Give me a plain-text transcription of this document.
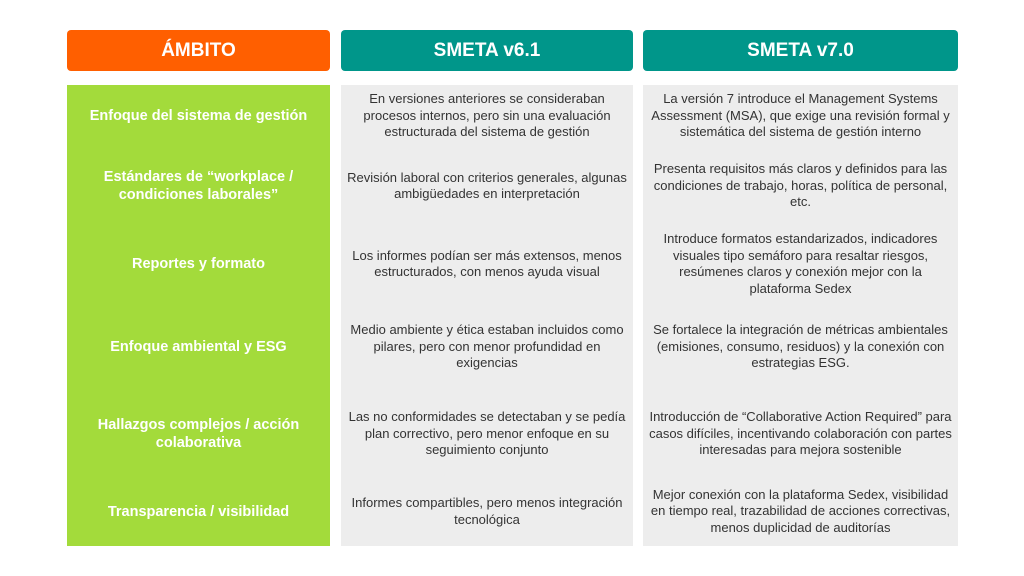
ÁMBITO	SMETA v6.1	SMETA v7.0
Enfoque del sistema de gestión
Estándares de “workplace / condiciones laborales”
Reportes y formato
Enfoque ambiental y ESG
Hallazgos complejos / acción colaborativa
Transparencia / visibilidad
En versiones anteriores se consideraban procesos internos, pero sin una evaluación estructurada del sistema de gestión
Revisión laboral con criterios generales, algunas ambigüedades en interpretación
Los informes podían ser más extensos, menos estructurados, con menos ayuda visual
Medio ambiente y ética estaban incluidos como pilares, pero con menor profundidad en exigencias
Las no conformidades se detectaban y se pedía plan correctivo, pero menor enfoque en su seguimiento conjunto
Informes compartibles, pero menos integración tecnológica
La versión 7 introduce el Management Systems Assessment (MSA), que exige una revisión formal y sistemática del sistema de gestión interno
Presenta requisitos más claros y definidos para las condiciones de trabajo, horas, política de personal, etc.
Introduce formatos estandarizados, indicadores visuales tipo semáforo para resaltar riesgos, resúmenes claros y conexión mejor con la plataforma Sedex
Se fortalece la integración de métricas ambientales (emisiones, consumo, residuos) y la conexión con estrategias ESG.
Introducción de “Collaborative Action Required” para casos difíciles, incentivando colaboración con partes interesadas para mejora sostenible
Mejor conexión con la plataforma Sedex, visibilidad en tiempo real, trazabilidad de acciones correctivas, menos duplicidad de auditorías
